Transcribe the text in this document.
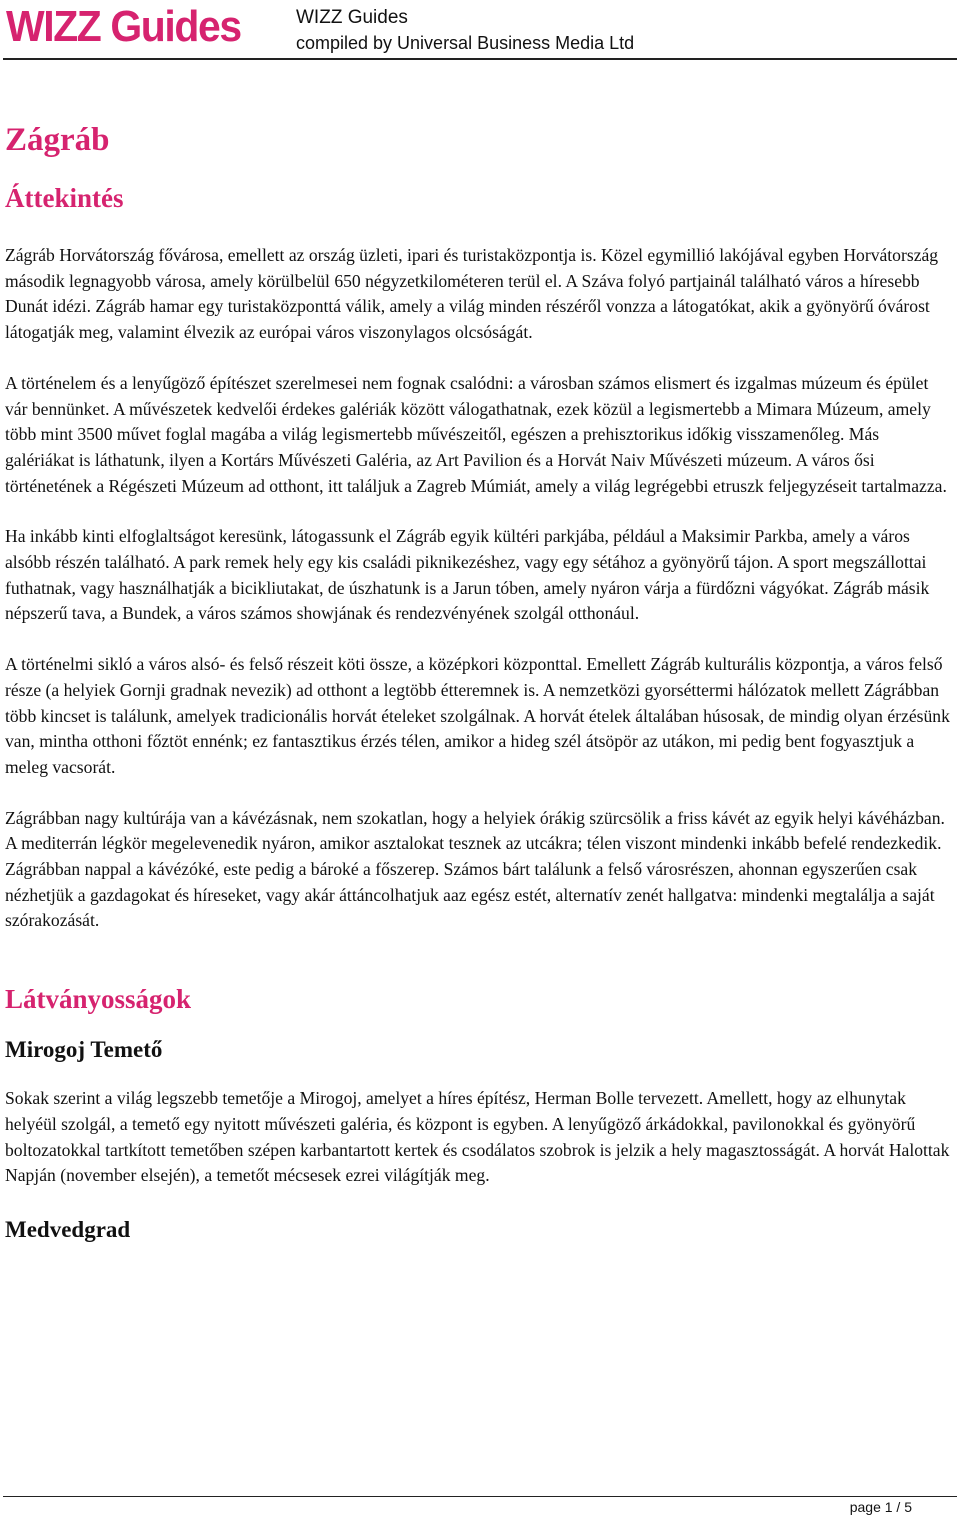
WIZZ Guides	WIZZ Guides
compiled by Universal Business Media Ltd
Zágráb
Áttekintés

Zágráb Horvátország fővárosa, emellett az ország üzleti, ipari és turistaközpontja is. Közel egymillió lakójával egyben Horvátország második legnagyobb városa, amely körülbelül 650 négyzetkilométeren terül el. A Száva folyó partjainál található város a híresebb Dunát idézi. Zágráb hamar egy turistaközponttá válik, amely a világ minden részéről vonzza a látogatókat, akik a gyönyörű óvárost látogatják meg, valamint élvezik az európai város viszonylagos olcsóságát.

A történelem és a lenyűgöző építészet szerelmesei nem fognak csalódni: a városban számos elismert és izgalmas múzeum és épület vár bennünket. A művészetek kedvelői érdekes galériák között válogathatnak, ezek közül a legismertebb a Mimara Múzeum, amely több mint 3500 művet foglal magába a világ legismertebb művészeitől, egészen a prehisztorikus időkig visszamenőleg. Más galériákat is láthatunk, ilyen a Kortárs Művészeti Galéria, az Art Pavilion és a Horvát Naiv Művészeti múzeum. A város ősi történetének a Régészeti Múzeum ad otthont, itt találjuk a Zagreb Múmiát, amely a világ legrégebbi etruszk feljegyzéseit tartalmazza.

Ha inkább kinti elfoglaltságot keresünk, látogassunk el Zágráb egyik kültéri parkjába, például a Maksimir Parkba, amely a város alsóbb részén található. A park remek hely egy kis családi piknikezéshez, vagy egy sétához a gyönyörű tájon. A sport megszállottai futhatnak, vagy használhatják a bicikliutakat, de úszhatunk is a Jarun tóben, amely nyáron várja a fürdőzni vágyókat. Zágráb másik népszerű tava, a Bundek, a város számos showjának és rendezvényének szolgál otthonául.

A történelmi sikló a város alsó- és felső részeit köti össze, a középkori központtal. Emellett Zágráb kulturális központja, a város felső része (a helyiek Gornji gradnak nevezik) ad otthont a legtöbb étteremnek is. A nemzetközi gyorséttermi hálózatok mellett Zágrábban több kincset is találunk, amelyek tradicionális horvát ételeket szolgálnak. A horvát ételek általában húsosak, de mindig olyan érzésünk van, mintha otthoni főztöt ennénk; ez fantasztikus érzés télen, amikor a hideg szél átsöpör az utákon, mi pedig bent fogyasztjuk a meleg vacsorát.

Zágrábban nagy kultúrája van a kávézásnak, nem szokatlan, hogy a helyiek órákig szürcsölik a friss kávét az egyik helyi kávéházban. A mediterrán légkör megelevenedik nyáron, amikor asztalokat tesznek az utcákra; télen viszont mindenki inkább befelé rendezkedik. Zágrábban nappal a kávézóké, este pedig a bároké a főszerep. Számos bárt találunk a felső városrészen, ahonnan egyszerűen csak nézhetjük a gazdagokat és híreseket, vagy akár áttáncolhatjuk aaz egész estét, alternatív zenét hallgatva: mindenki megtalálja a saját szórakozását.

Látványosságok
Mirogoj Temető

Sokak szerint a világ legszebb temetője a Mirogoj, amelyet a híres építész, Herman Bolle tervezett. Amellett, hogy az elhunytak helyéül szolgál, a temető egy nyitott művészeti galéria, és központ is egyben. A lenyűgöző árkádokkal, pavilonokkal és gyönyörű boltozatokkal tartkított temetőben szépen karbantartott kertek és csodálatos szobrok is jelzik a hely magasztosságát. A horvát Halottak Napján (november elsején), a temetőt mécsesek ezrei világítják meg.

Medvedgrad
page 1 / 5
